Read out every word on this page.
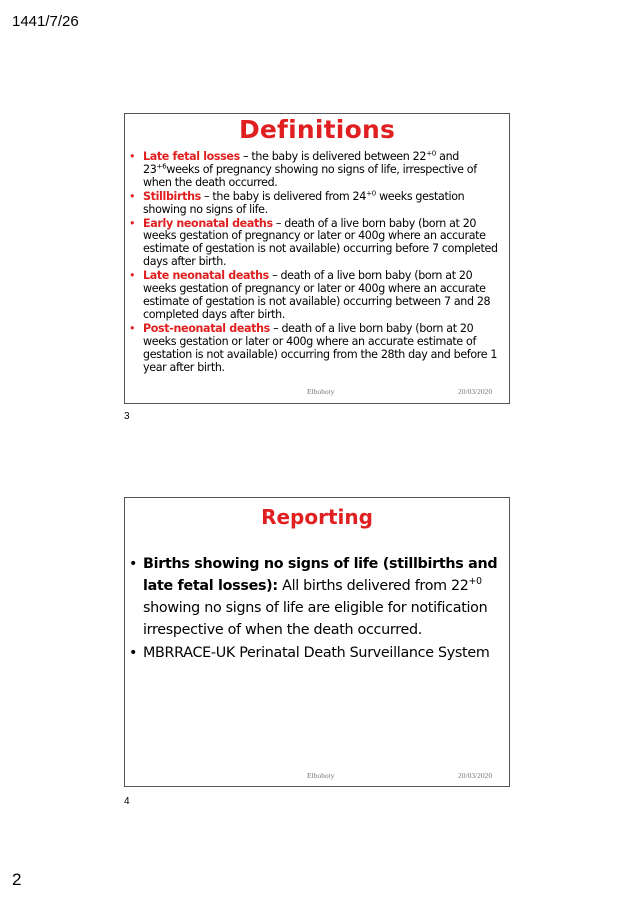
1441/7/26
Definitions
• Late fetal losses – the baby is delivered between $22^{+0}$ and $23^{+6}weeks$ of pregnancy showing no signs of life, irrespective of when the death occurred.
• Stillbirths – the baby is delivered from $24^{+0}$ weeks gestation showing no signs of life.
• Early neonatal deaths – death of a live born baby (born at 20 weeks gestation of pregnancy or later or 400g where an accurate estimate of gestation is not available) occurring before 7 completed days after birth.
• Late neonatal deaths – death of a live born baby (born at 20 weeks gestation of pregnancy or later or 400g where an accurate estimate of gestation is not available) occurring between 7 and 28 completed days after birth.
• Post-neonatal deaths – death of a live born baby (born at 20 weeks gestation or later or 400g where an accurate estimate of gestation is not available) occurring from the 28th day and before 1 year after birth.
Elbohoty	20/03/2020
3
Reporting
• Births showing no signs of life (stillbirths and late fetal losses): All births delivered from $22^{+0}$ showing no signs of life are eligible for notification irrespective of when the death occurred.
• MBRRACE-UK Perinatal Death Surveillance System
Elbohoty	20/03/2020
4
2
